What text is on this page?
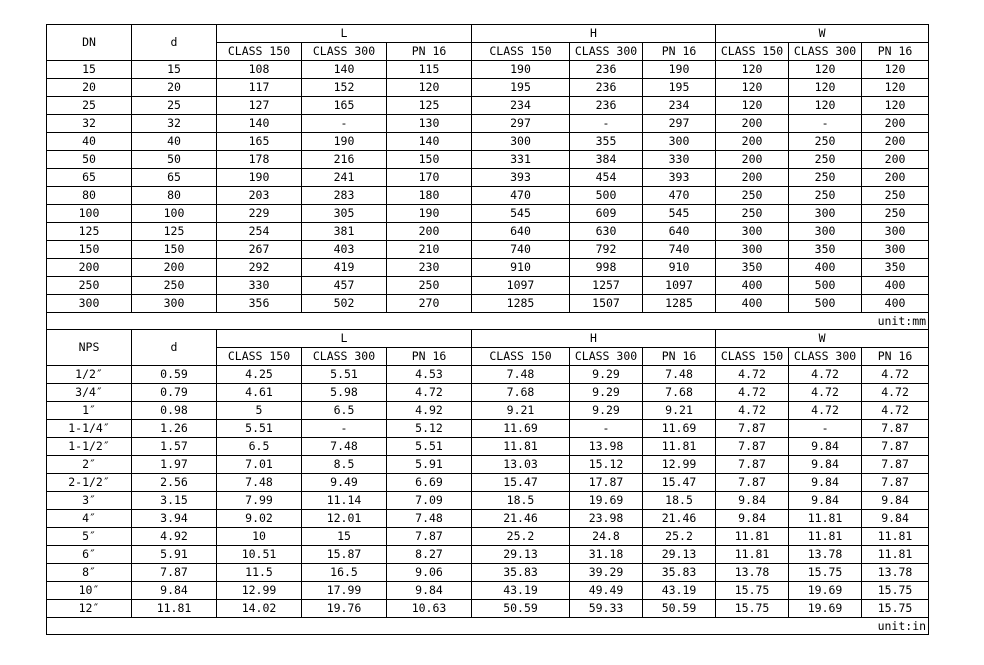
DN	d	L			H			W		
		CLASS 150	CLASS 300	PN 16	CLASS 150	CLASS 300	PN 16	CLASS 150	CLASS 300	PN 16
15	15	108	140	115	190	236	190	120	120	120
20	20	117	152	120	195	236	195	120	120	120
25	25	127	165	125	234	236	234	120	120	120
32	32	140	-	130	297	-	297	200	-	200
40	40	165	190	140	300	355	300	200	250	200
50	50	178	216	150	331	384	330	200	250	200
65	65	190	241	170	393	454	393	200	250	200
80	80	203	283	180	470	500	470	250	250	250
100	100	229	305	190	545	609	545	250	300	250
125	125	254	381	200	640	630	640	300	300	300
150	150	267	403	210	740	792	740	300	350	300
200	200	292	419	230	910	998	910	350	400	350
250	250	330	457	250	1097	1257	1097	400	500	400
300	300	356	502	270	1285	1507	1285	400	500	400
unit:mm										
NPS	d	L			H			W		
		CLASS 150	CLASS 300	PN 16	CLASS 150	CLASS 300	PN 16	CLASS 150	CLASS 300	PN 16
1/2″	0.59	4.25	5.51	4.53	7.48	9.29	7.48	4.72	4.72	4.72
3/4″	0.79	4.61	5.98	4.72	7.68	9.29	7.68	4.72	4.72	4.72
1″	0.98	5	6.5	4.92	9.21	9.29	9.21	4.72	4.72	4.72
1-1/4″	1.26	5.51	-	5.12	11.69	-	11.69	7.87	-	7.87
1-1/2″	1.57	6.5	7.48	5.51	11.81	13.98	11.81	7.87	9.84	7.87
2″	1.97	7.01	8.5	5.91	13.03	15.12	12.99	7.87	9.84	7.87
2-1/2″	2.56	7.48	9.49	6.69	15.47	17.87	15.47	7.87	9.84	7.87
3″	3.15	7.99	11.14	7.09	18.5	19.69	18.5	9.84	9.84	9.84
4″	3.94	9.02	12.01	7.48	21.46	23.98	21.46	9.84	11.81	9.84
5″	4.92	10	15	7.87	25.2	24.8	25.2	11.81	11.81	11.81
6″	5.91	10.51	15.87	8.27	29.13	31.18	29.13	11.81	13.78	11.81
8″	7.87	11.5	16.5	9.06	35.83	39.29	35.83	13.78	15.75	13.78
10″	9.84	12.99	17.99	9.84	43.19	49.49	43.19	15.75	19.69	15.75
12″	11.81	14.02	19.76	10.63	50.59	59.33	50.59	15.75	19.69	15.75
unit:in										
